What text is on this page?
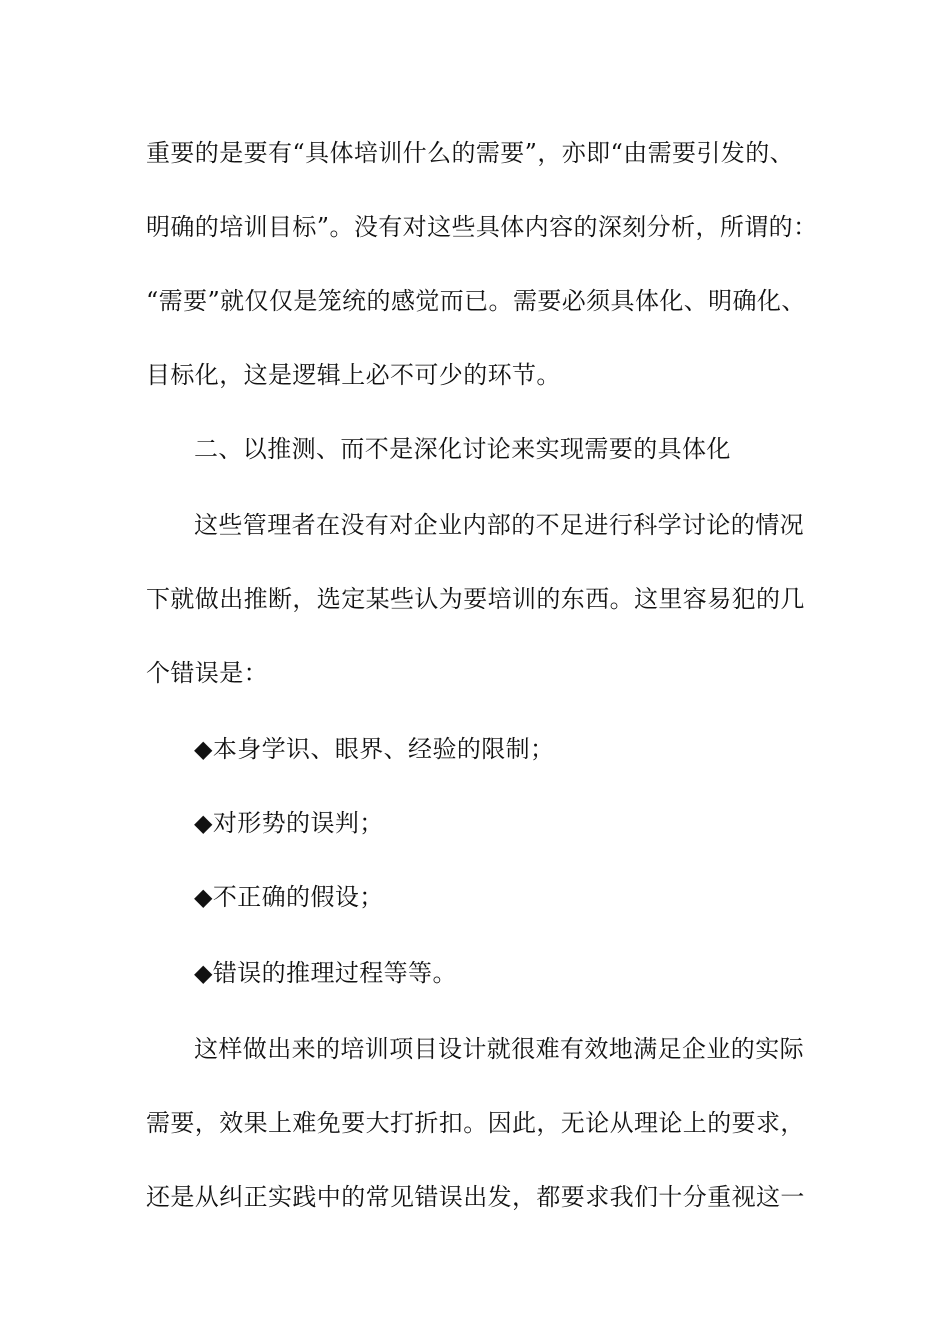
重要的是要有“具体培训什么的需要”，亦即“由需要引发的、
明确的培训目标”。没有对这些具体内容的深刻分析，所谓的：
“需要”就仅仅是笼统的感觉而已。需要必须具体化、明确化、
目标化，这是逻辑上必不可少的环节。
二、以推测、而不是深化讨论来实现需要的具体化
这些管理者在没有对企业内部的不足进行科学讨论的情况
下就做出推断，选定某些认为要培训的东西。这里容易犯的几
个错误是：
◆本身学识、眼界、经验的限制；
◆对形势的误判；
◆不正确的假设；
◆错误的推理过程等等。
这样做出来的培训项目设计就很难有效地满足企业的实际
需要，效果上难免要大打折扣。因此，无论从理论上的要求，
还是从纠正实践中的常见错误出发，都要求我们十分重视这一
